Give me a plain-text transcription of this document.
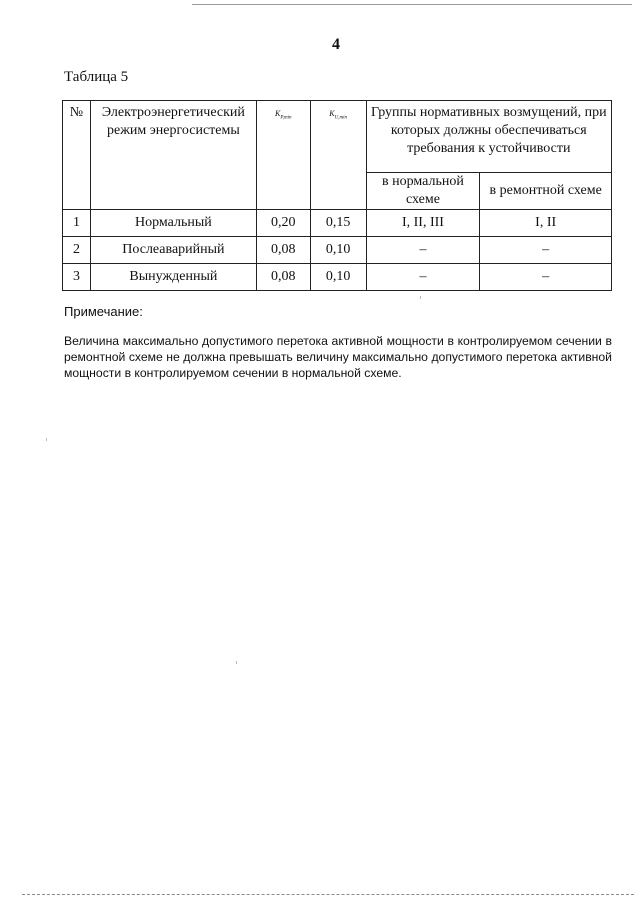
4
Таблица 5
№	Электроэнергетический режим энергосистемы	$K_{P,min}$	$K_{U,min}$	Группы нормативных возмущений, при которых должны обеспечиваться требования к устойчивости	
				в нормальной схеме	в ремонтной схеме
1	Нормальный	0,20	0,15	I, II, III	I, II
2	Послеаварийный	0,08	0,10	–	–
3	Вынужденный	0,08	0,10	–	–
Примечание:
Величина максимально допустимого перетока активной мощности в контролируемом сечении в ремонтной схеме не должна превышать величину максимально допустимого перетока активной мощности в контролируемом сечении в нормальной схеме.
